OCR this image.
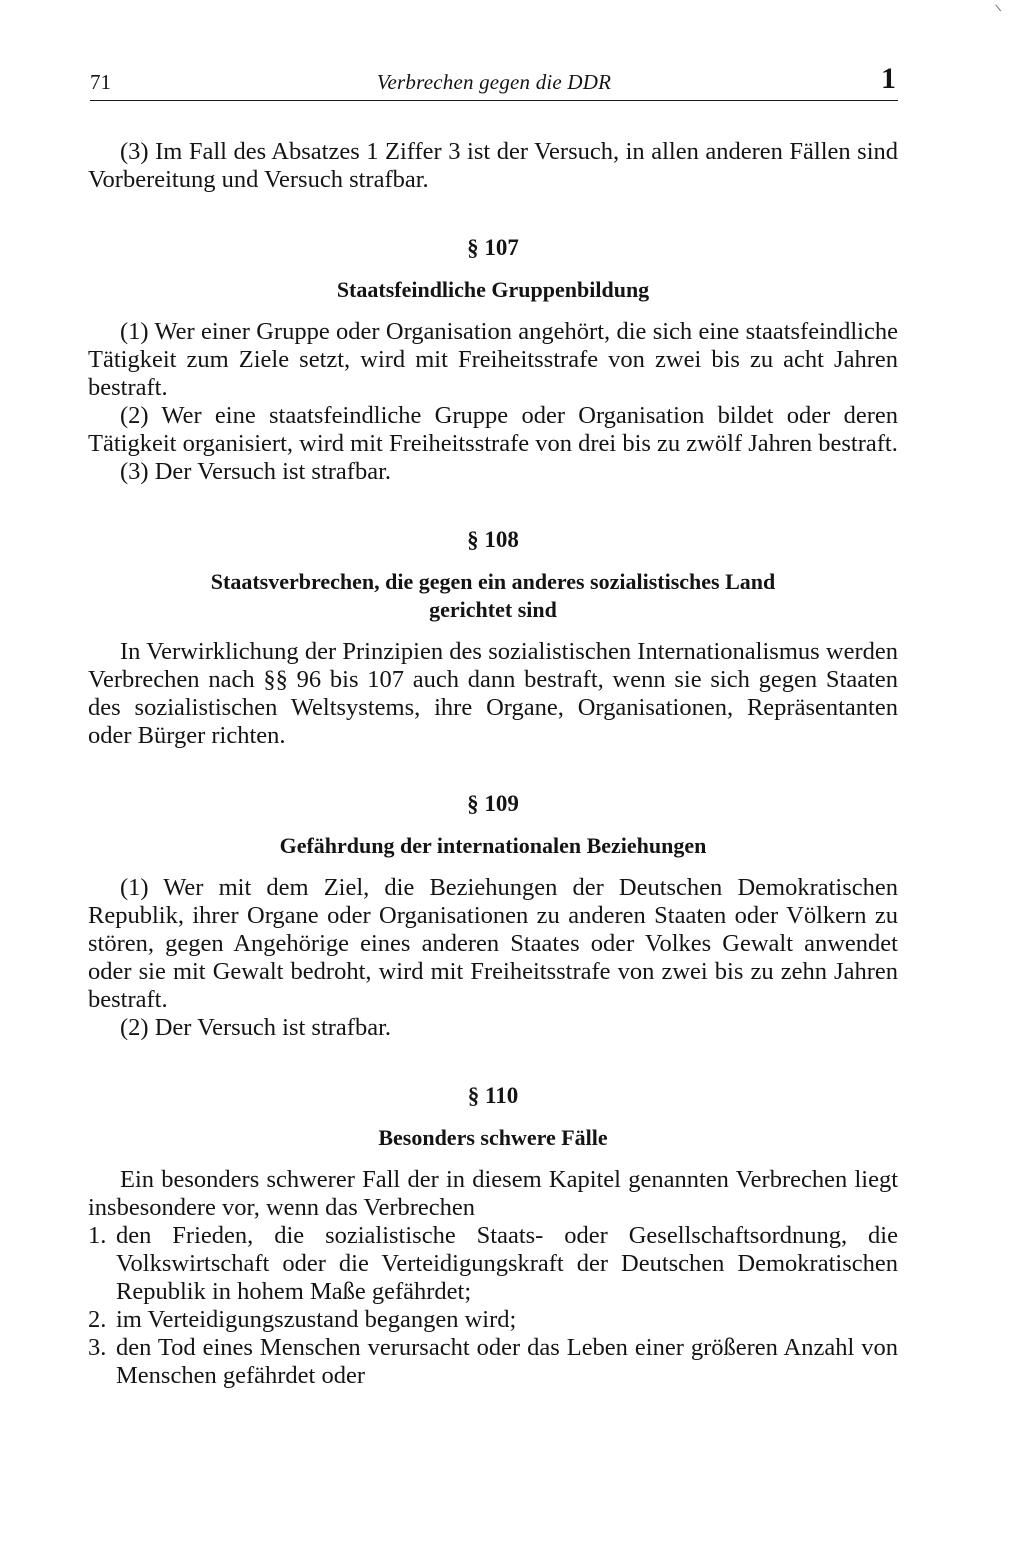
71	Verbrechen gegen die DDR	1

(3) Im Fall des Absatzes 1 Ziffer 3 ist der Versuch, in allen anderen Fällen sind Vorbereitung und Versuch strafbar.

§ 107

Staatsfeindliche Gruppenbildung

(1) Wer einer Gruppe oder Organisation angehört, die sich eine staatsfeindliche Tätigkeit zum Ziele setzt, wird mit Freiheitsstrafe von zwei bis zu acht Jahren bestraft.

(2) Wer eine staatsfeindliche Gruppe oder Organisation bildet oder deren Tätigkeit organisiert, wird mit Freiheitsstrafe von drei bis zu zwölf Jahren bestraft.

(3) Der Versuch ist strafbar.

§ 108

Staatsverbrechen, die gegen ein anderes sozialistisches Land

gerichtet sind

In Verwirklichung der Prinzipien des sozialistischen Internationalismus werden Verbrechen nach §§ 96 bis 107 auch dann bestraft, wenn sie sich gegen Staaten des sozialistischen Weltsystems, ihre Organe, Organisationen, Repräsentanten oder Bürger richten.

§ 109

Gefährdung der internationalen Beziehungen

(1) Wer mit dem Ziel, die Beziehungen der Deutschen Demokratischen Republik, ihrer Organe oder Organisationen zu anderen Staaten oder Völkern zu stören, gegen Angehörige eines anderen Staates oder Volkes Gewalt anwendet oder sie mit Gewalt bedroht, wird mit Freiheitsstrafe von zwei bis zu zehn Jahren bestraft.

(2) Der Versuch ist strafbar.

§ 110

Besonders schwere Fälle

Ein besonders schwerer Fall der in diesem Kapitel genannten Verbrechen liegt insbesondere vor, wenn das Verbrechen

1. den Frieden, die sozialistische Staats- oder Gesellschaftsordnung, die Volkswirtschaft oder die Verteidigungskraft der Deutschen Demokratischen Republik in hohem Maße gefährdet;
2. im Verteidigungszustand begangen wird;
3. den Tod eines Menschen verursacht oder das Leben einer größeren Anzahl von Menschen gefährdet oder
